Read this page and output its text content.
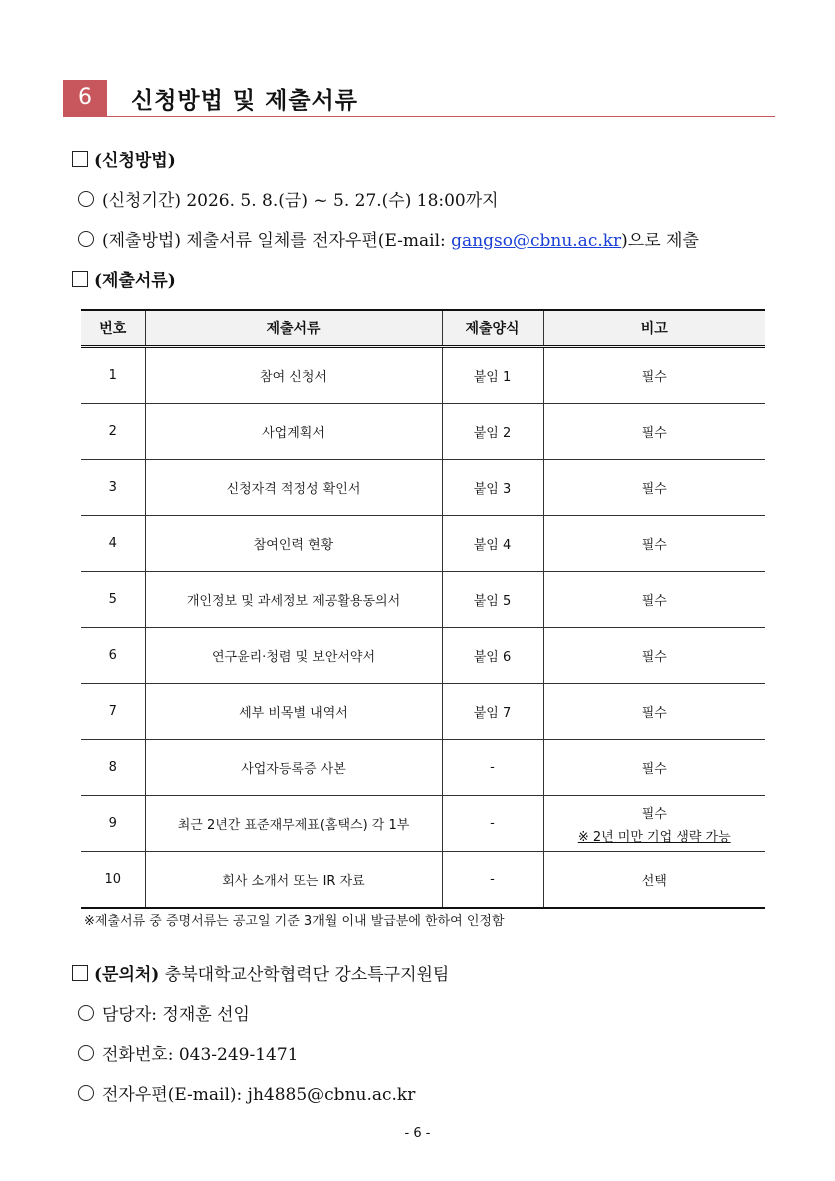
6	신청방법 및 제출서류
(신청방법)
(신청기간) 2026. 5. 8.(금) ~ 5. 27.(수) 18:00까지
(제출방법) 제출서류 일체를 전자우편(E-mail: gangso@cbnu.ac.kr)으로 제출
(제출서류)
번호	제출서류	제출양식	비고
1	참여 신청서	붙임 1	필수
2	사업계획서	붙임 2	필수
3	신청자격 적정성 확인서	붙임 3	필수
4	참여인력 현황	붙임 4	필수
5	개인정보 및 과세정보 제공활용동의서	붙임 5	필수
6	연구윤리·청렴 및 보안서약서	붙임 6	필수
7	세부 비목별 내역서	붙임 7	필수
8	사업자등록증 사본	-	필수
9	최근 2년간 표준재무제표(홈택스) 각 1부	-	필수
※ 2년 미만 기업 생략 가능

10	회사 소개서 또는 IR 자료	-	선택
※제출서류 중 증명서류는 공고일 기준 3개월 이내 발급분에 한하여 인정함
(문의처) 충북대학교산학협력단 강소특구지원팀
담당자: 정재훈 선임
전화번호: 043-249-1471
전자우편(E-mail): jh4885@cbnu.ac.kr
- 6 -
